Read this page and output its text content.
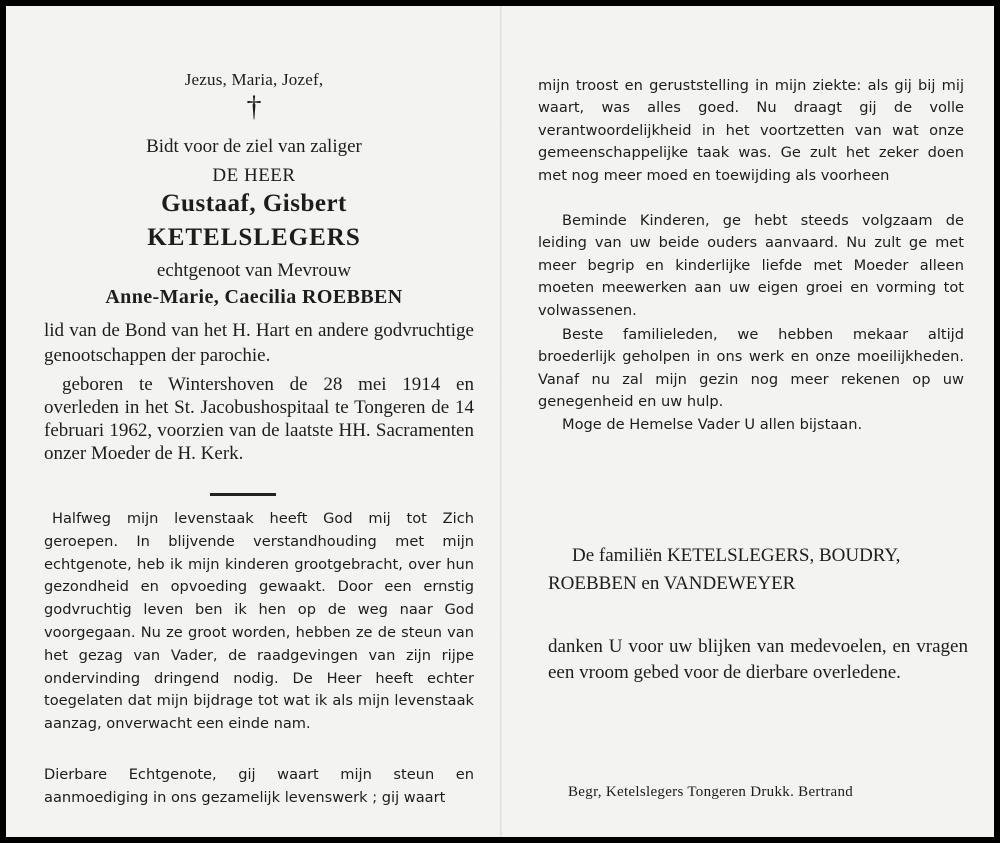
Jezus, Maria, Jozef,
†
Bidt voor de ziel van zaliger
DE HEER
Gustaaf, Gisbert
KETELSLEGERS
echtgenoot van Mevrouw
Anne-Marie, Caecilia ROEBBEN
lid van de Bond van het H. Hart en andere godvruchtige genootschappen der parochie.
geboren te Wintershoven de 28 mei 1914 en overleden in het St. Jacobushospitaal te Tongeren de 14 februari 1962, voorzien van de laatste HH. Sacramenten onzer Moeder de H. Kerk.
Halfweg mijn levenstaak heeft God mij tot Zich geroepen. In blijvende verstandhouding met mijn echtgenote, heb ik mijn kinderen grootgebracht, over hun gezondheid en opvoeding gewaakt. Door een ernstig godvruchtig leven ben ik hen op de weg naar God voorgegaan. Nu ze groot worden, hebben ze de steun van het gezag van Vader, de raadgevingen van zijn rijpe ondervinding dringend nodig. De Heer heeft echter toegelaten dat mijn bijdrage tot wat ik als mijn levenstaak aanzag, onverwacht een einde nam.
Dierbare Echtgenote, gij waart mijn steun en aanmoediging in ons gezamelijk levenswerk ; gij waart
mijn troost en geruststelling in mijn ziekte: als gij bij mij waart, was alles goed. Nu draagt gij de volle verantwoordelijkheid in het voortzetten van wat onze gemeenschappelijke taak was. Ge zult het zeker doen met nog meer moed en toewijding als voorheen
Beminde Kinderen, ge hebt steeds volgzaam de leiding van uw beide ouders aanvaard. Nu zult ge met meer begrip en kinderlijke liefde met Moeder alleen moeten meewerken aan uw eigen groei en vorming tot volwassenen.
Beste familieleden, we hebben mekaar altijd broederlijk geholpen in ons werk en onze moeilijkheden. Vanaf nu zal mijn gezin nog meer rekenen op uw genegenheid en uw hulp.
Moge de Hemelse Vader U allen bijstaan.
De familiën KETELSLEGERS, BOUDRY,
ROEBBEN en VANDEWEYER
danken U voor uw blijken van medevoelen, en vragen een vroom gebed voor de dierbare overledene.
Begr, Ketelslegers Tongeren Drukk. Bertrand
